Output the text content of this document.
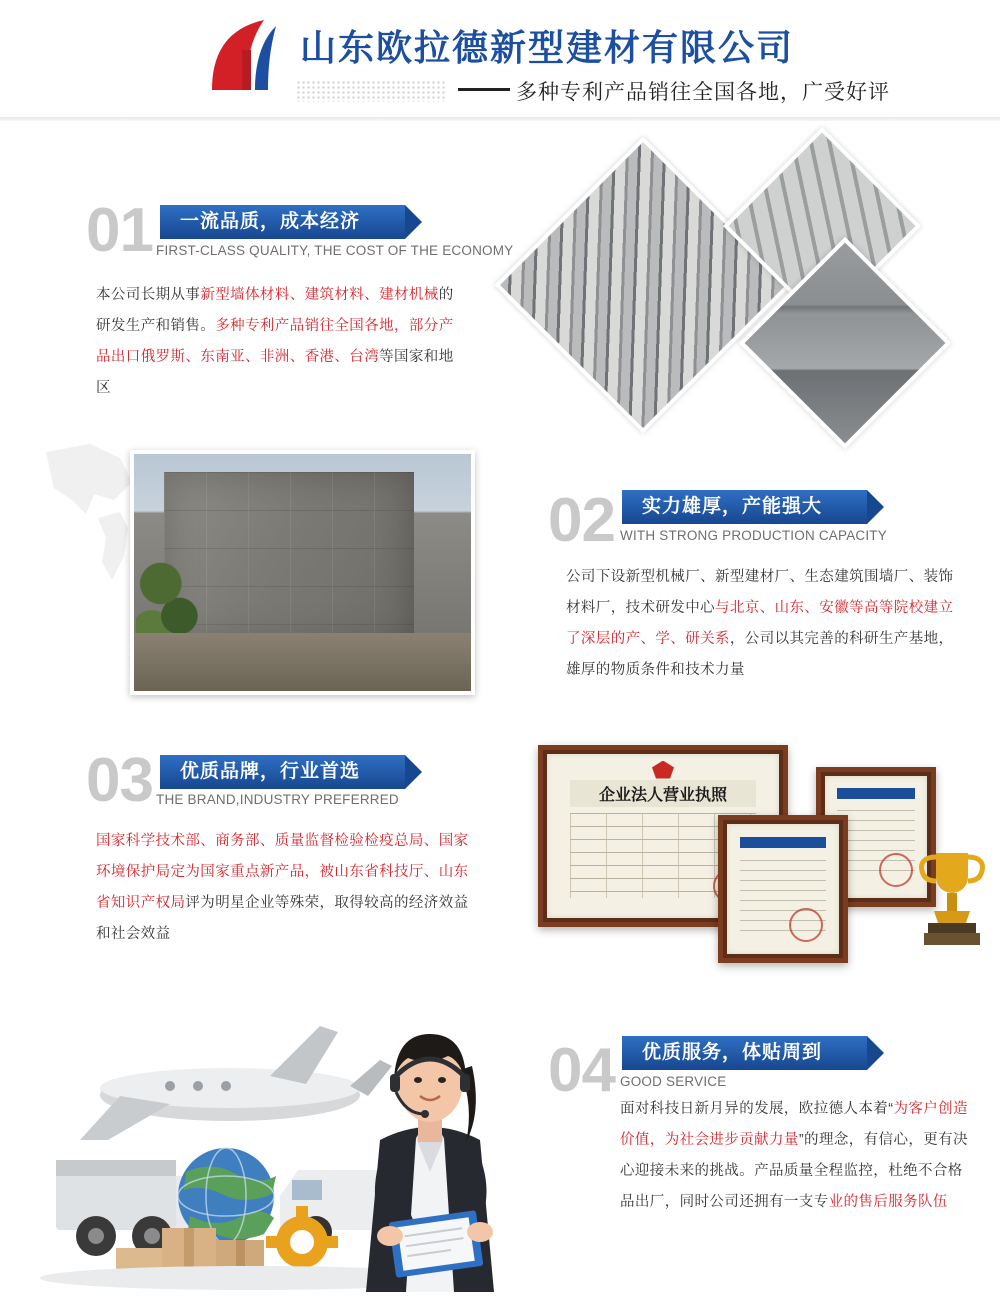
山东欧拉德新型建材有限公司
多种专利产品销往全国各地，广受好评
01	一流品质，成本经济
FIRST-CLASS QUALITY, THE COST OF THE ECONOMY
本公司长期从事新型墙体材料、建筑材料、建材机械的研发生产和销售。多种专利产品销往全国各地，部分产品出口俄罗斯、东南亚、非洲、香港、台湾等国家和地区
02	实力雄厚，产能强大
WITH STRONG PRODUCTION CAPACITY
公司下设新型机械厂、新型建材厂、生态建筑围墙厂、装饰材料厂，技术研发中心与北京、山东、安徽等高等院校建立了深层的产、学、研关系，公司以其完善的科研生产基地，雄厚的物质条件和技术力量
03	优质品牌，行业首选
THE BRAND,INDUSTRY PREFERRED
国家科学技术部、商务部、质量监督检验检疫总局、国家环境保护局定为国家重点新产品，被山东省科技厅、山东省知识产权局评为明星企业等殊荣，取得较高的经济效益和社会效益
企业法人营业执照
04	优质服务，体贴周到
GOOD SERVICE
面对科技日新月异的发展，欧拉德人本着“为客户创造价值，为社会进步贡献力量”的理念，有信心，更有决心迎接未来的挑战。产品质量全程监控，杜绝不合格品出厂，同时公司还拥有一支专业的售后服务队伍
